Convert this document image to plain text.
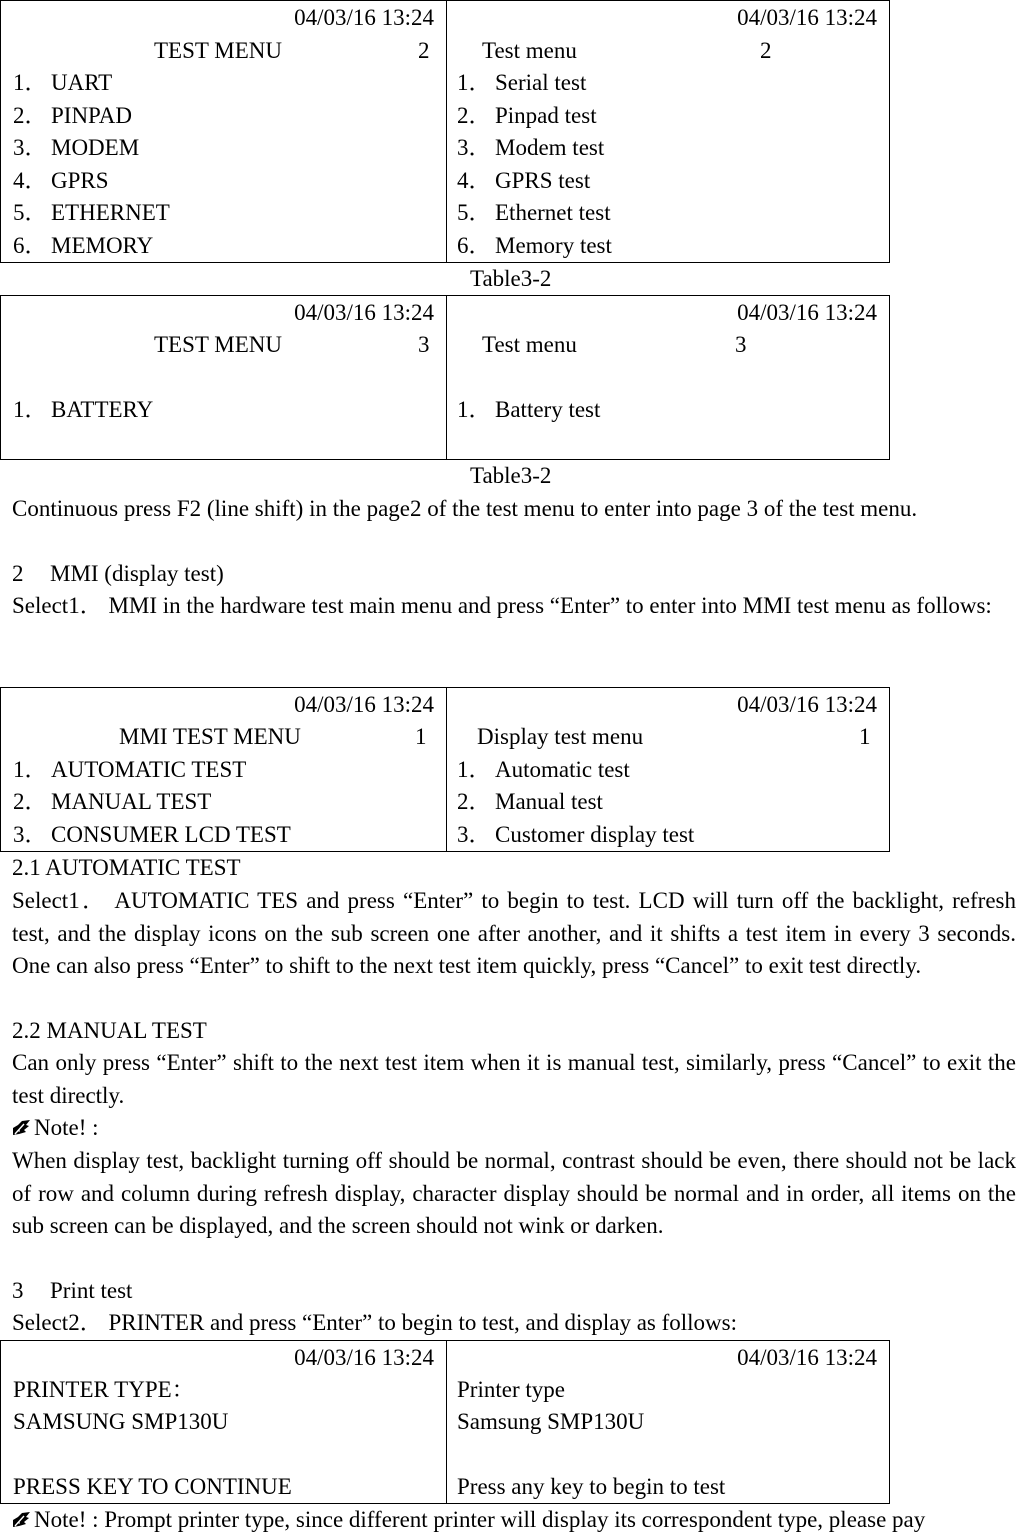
04/03/16 13:24
TEST MENU	2
1． UART
2． PINPAD
3． MODEM
4． GPRS
5． ETHERNET
6． MEMORY
04/03/16 13:24
Test menu	2
1． Serial test
2． Pinpad test
3． Modem test
4． GPRS test
5． Ethernet test
6． Memory test
Table3-2
04/03/16 13:24
TEST MENU	3
1． BATTERY
04/03/16 13:24
Test menu	3
1． Battery test
Table3-2
Continuous press F2 (line shift) in the page2 of the test menu to enter into page 3 of the test menu.
2 MMI (display test)
Select1． MMI in the hardware test main menu and press “Enter” to enter into MMI test menu as follows:
04/03/16 13:24
MMI TEST MENU	1
1． AUTOMATIC TEST
2． MANUAL TEST
3． CONSUMER LCD TEST
04/03/16 13:24
Display test menu	1
1． Automatic test
2． Manual test
3． Customer display test
2.1 AUTOMATIC TEST
Select1． AUTOMATIC TES and press “Enter” to begin to test. LCD will turn off the backlight, refresh test, and the display icons on the sub screen one after another, and it shifts a test item in every 3 seconds. One can also press “Enter” to shift to the next test item quickly, press “Cancel” to exit test directly.
2.2 MANUAL TEST
Can only press “Enter” shift to the next test item when it is manual test, similarly, press “Cancel” to exit the test directly.
Note! :
When display test, backlight turning off should be normal, contrast should be even, there should not be lack of row and column during refresh display, character display should be normal and in order, all items on the sub screen can be displayed, and the screen should not wink or darken.
3 Print test
Select2． PRINTER and press “Enter” to begin to test, and display as follows:
04/03/16 13:24
PRINTER TYPE：
SAMSUNG SMP130U
PRESS KEY TO CONTINUE
04/03/16 13:24
Printer type
Samsung SMP130U
Press any key to begin to test
Note! : Prompt printer type, since different printer will display its correspondent type, please pay
